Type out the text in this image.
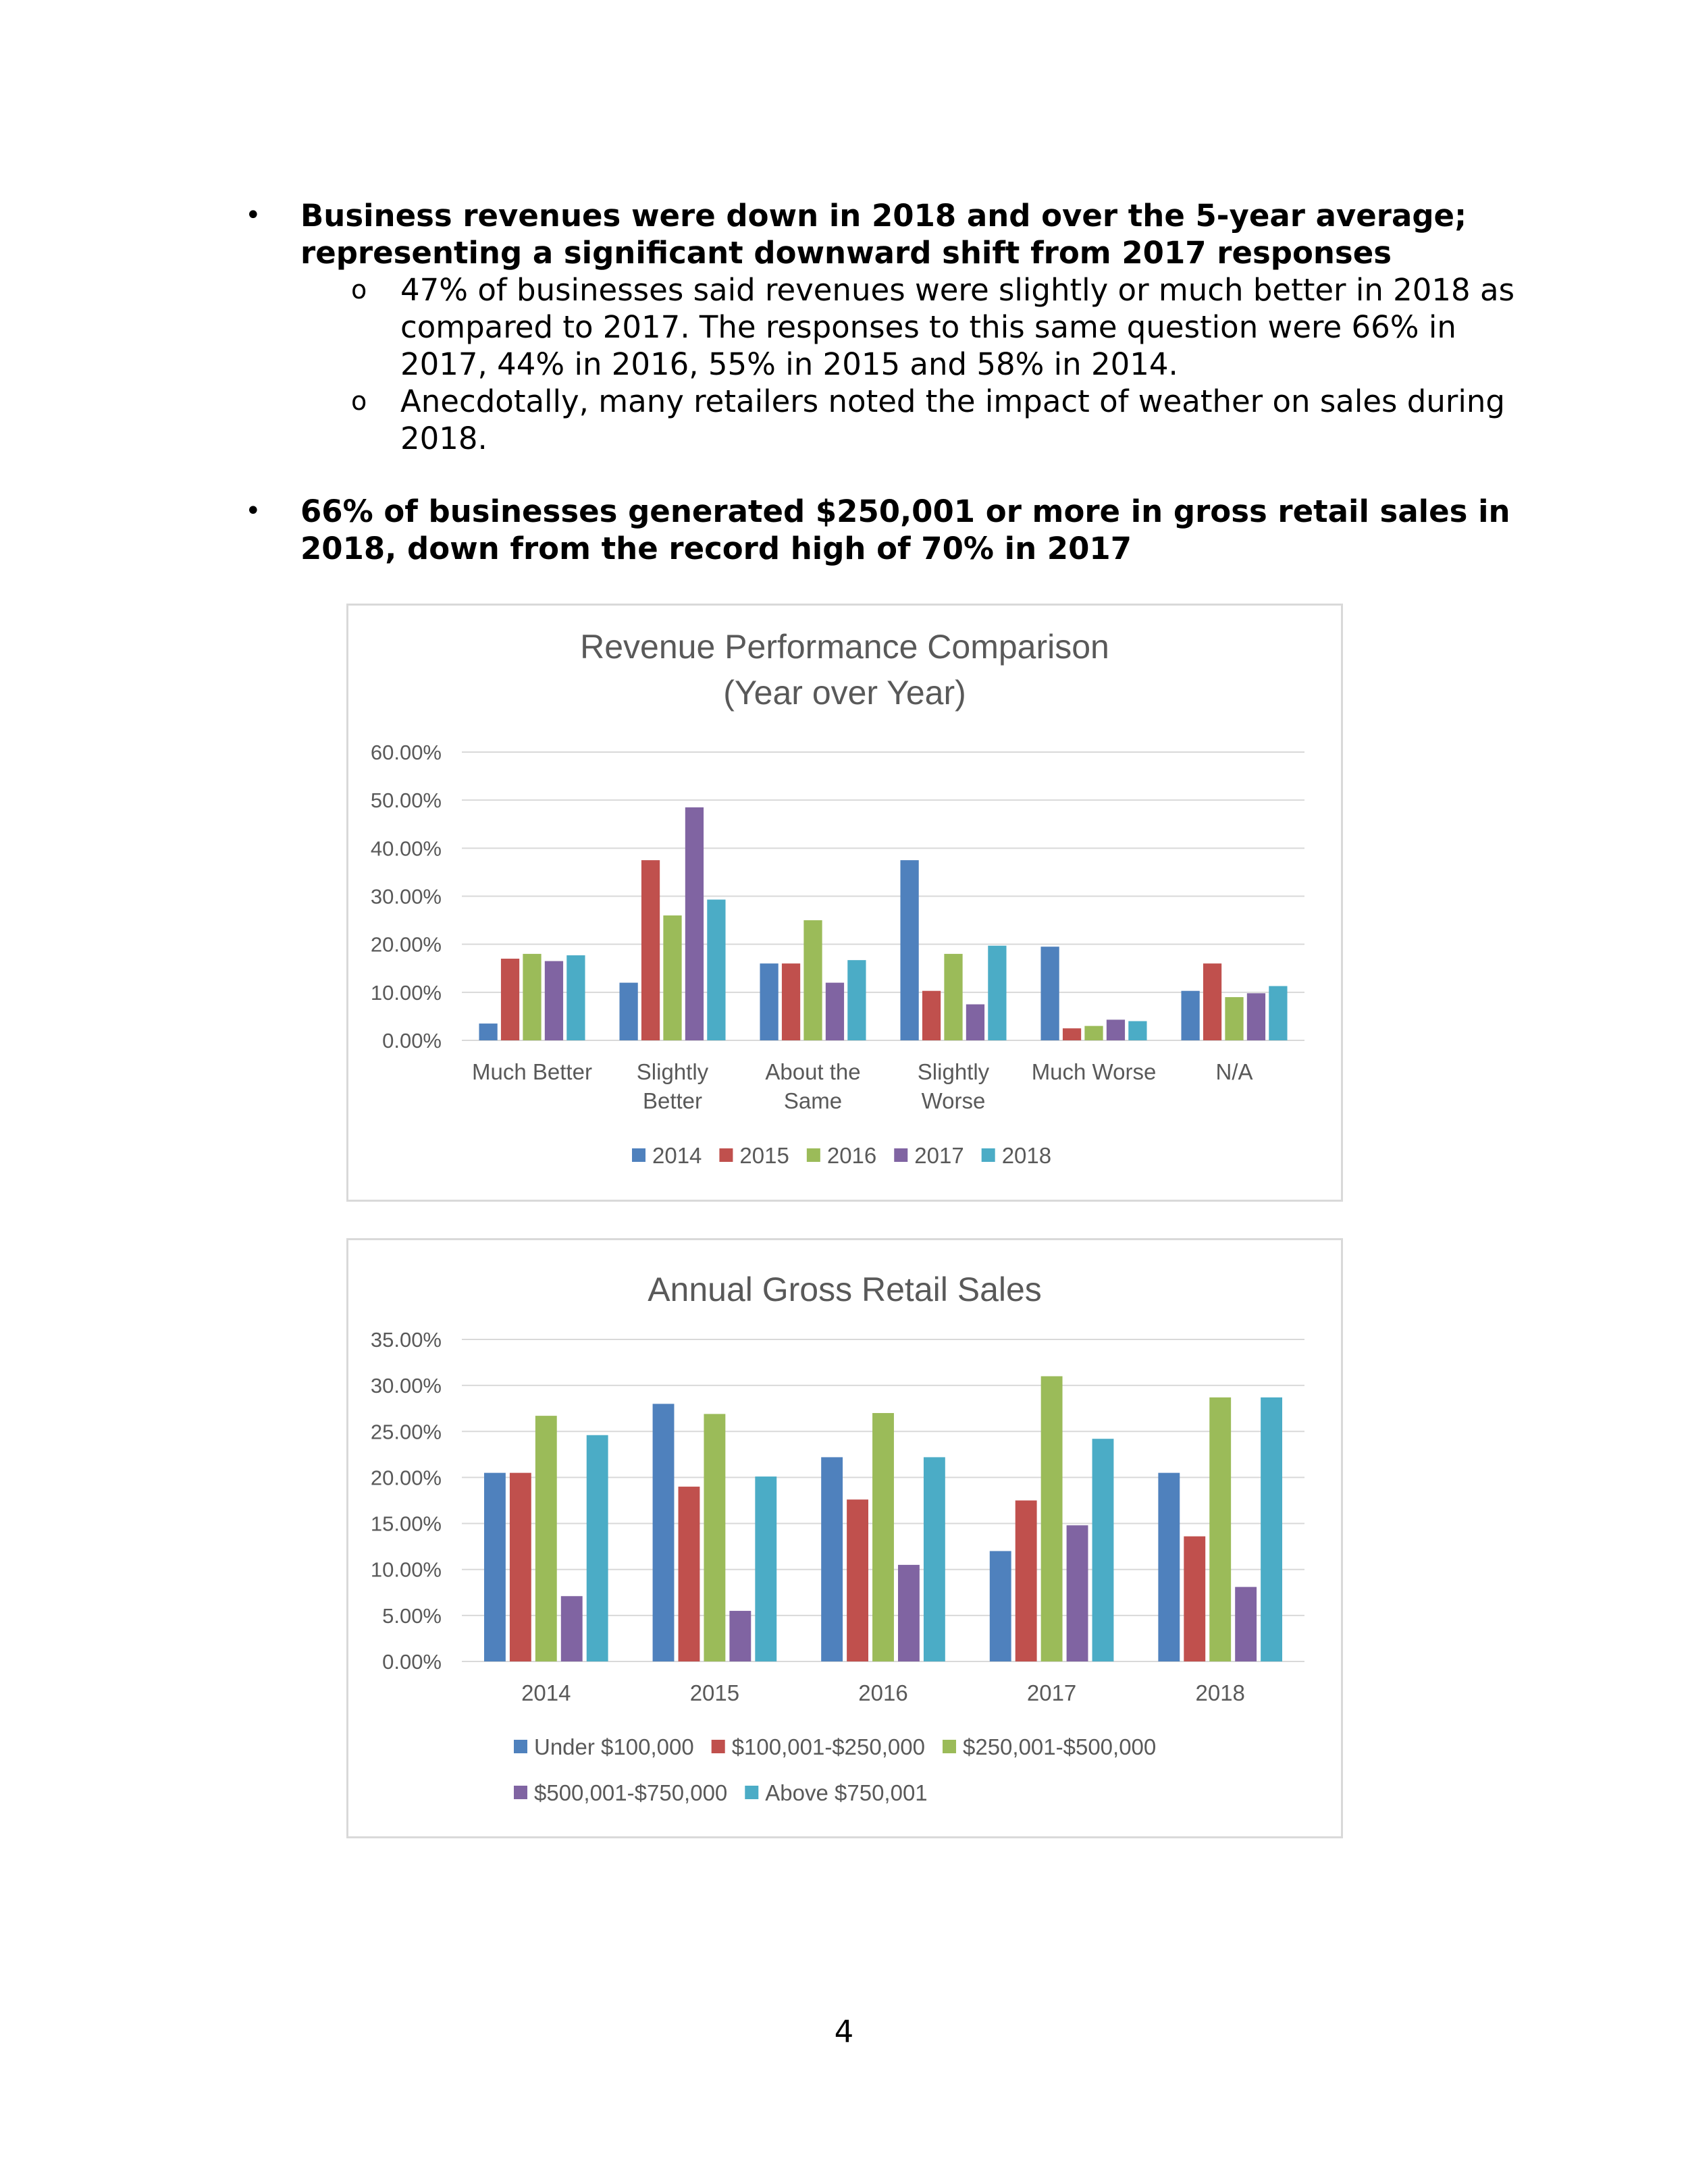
• Business revenues were down in 2018 and over the 5-year average; representing a significant downward shift from 2017 responses
o 47% of businesses said revenues were slightly or much better in 2018 as compared to 2017. The responses to this same question were 66% in 2017, 44% in 2016, 55% in 2015 and 58% in 2014.
o Anecdotally, many retailers noted the impact of weather on sales during 2018.
• 66% of businesses generated $250,001 or more in gross retail sales in 2018, down from the record high of 70% in 2017
Revenue Performance Comparison
(Year over Year)
0.00%
10.00%
20.00%
30.00%
40.00%
50.00%
60.00%
Much Better Slightly
Better
About the
Same
Slightly
Worse
Much Worse	N/A
2014 2015 2016 2017 2018
Annual Gross Retail Sales
0.00%
5.00%
10.00%
15.00%
20.00%
25.00%
30.00%
35.00%
2014	2015	2016	2017	2018
Under $100,000 $100,001-$250,000 $250,001-$500,000
$500,001-$750,000 Above $750,001
4
